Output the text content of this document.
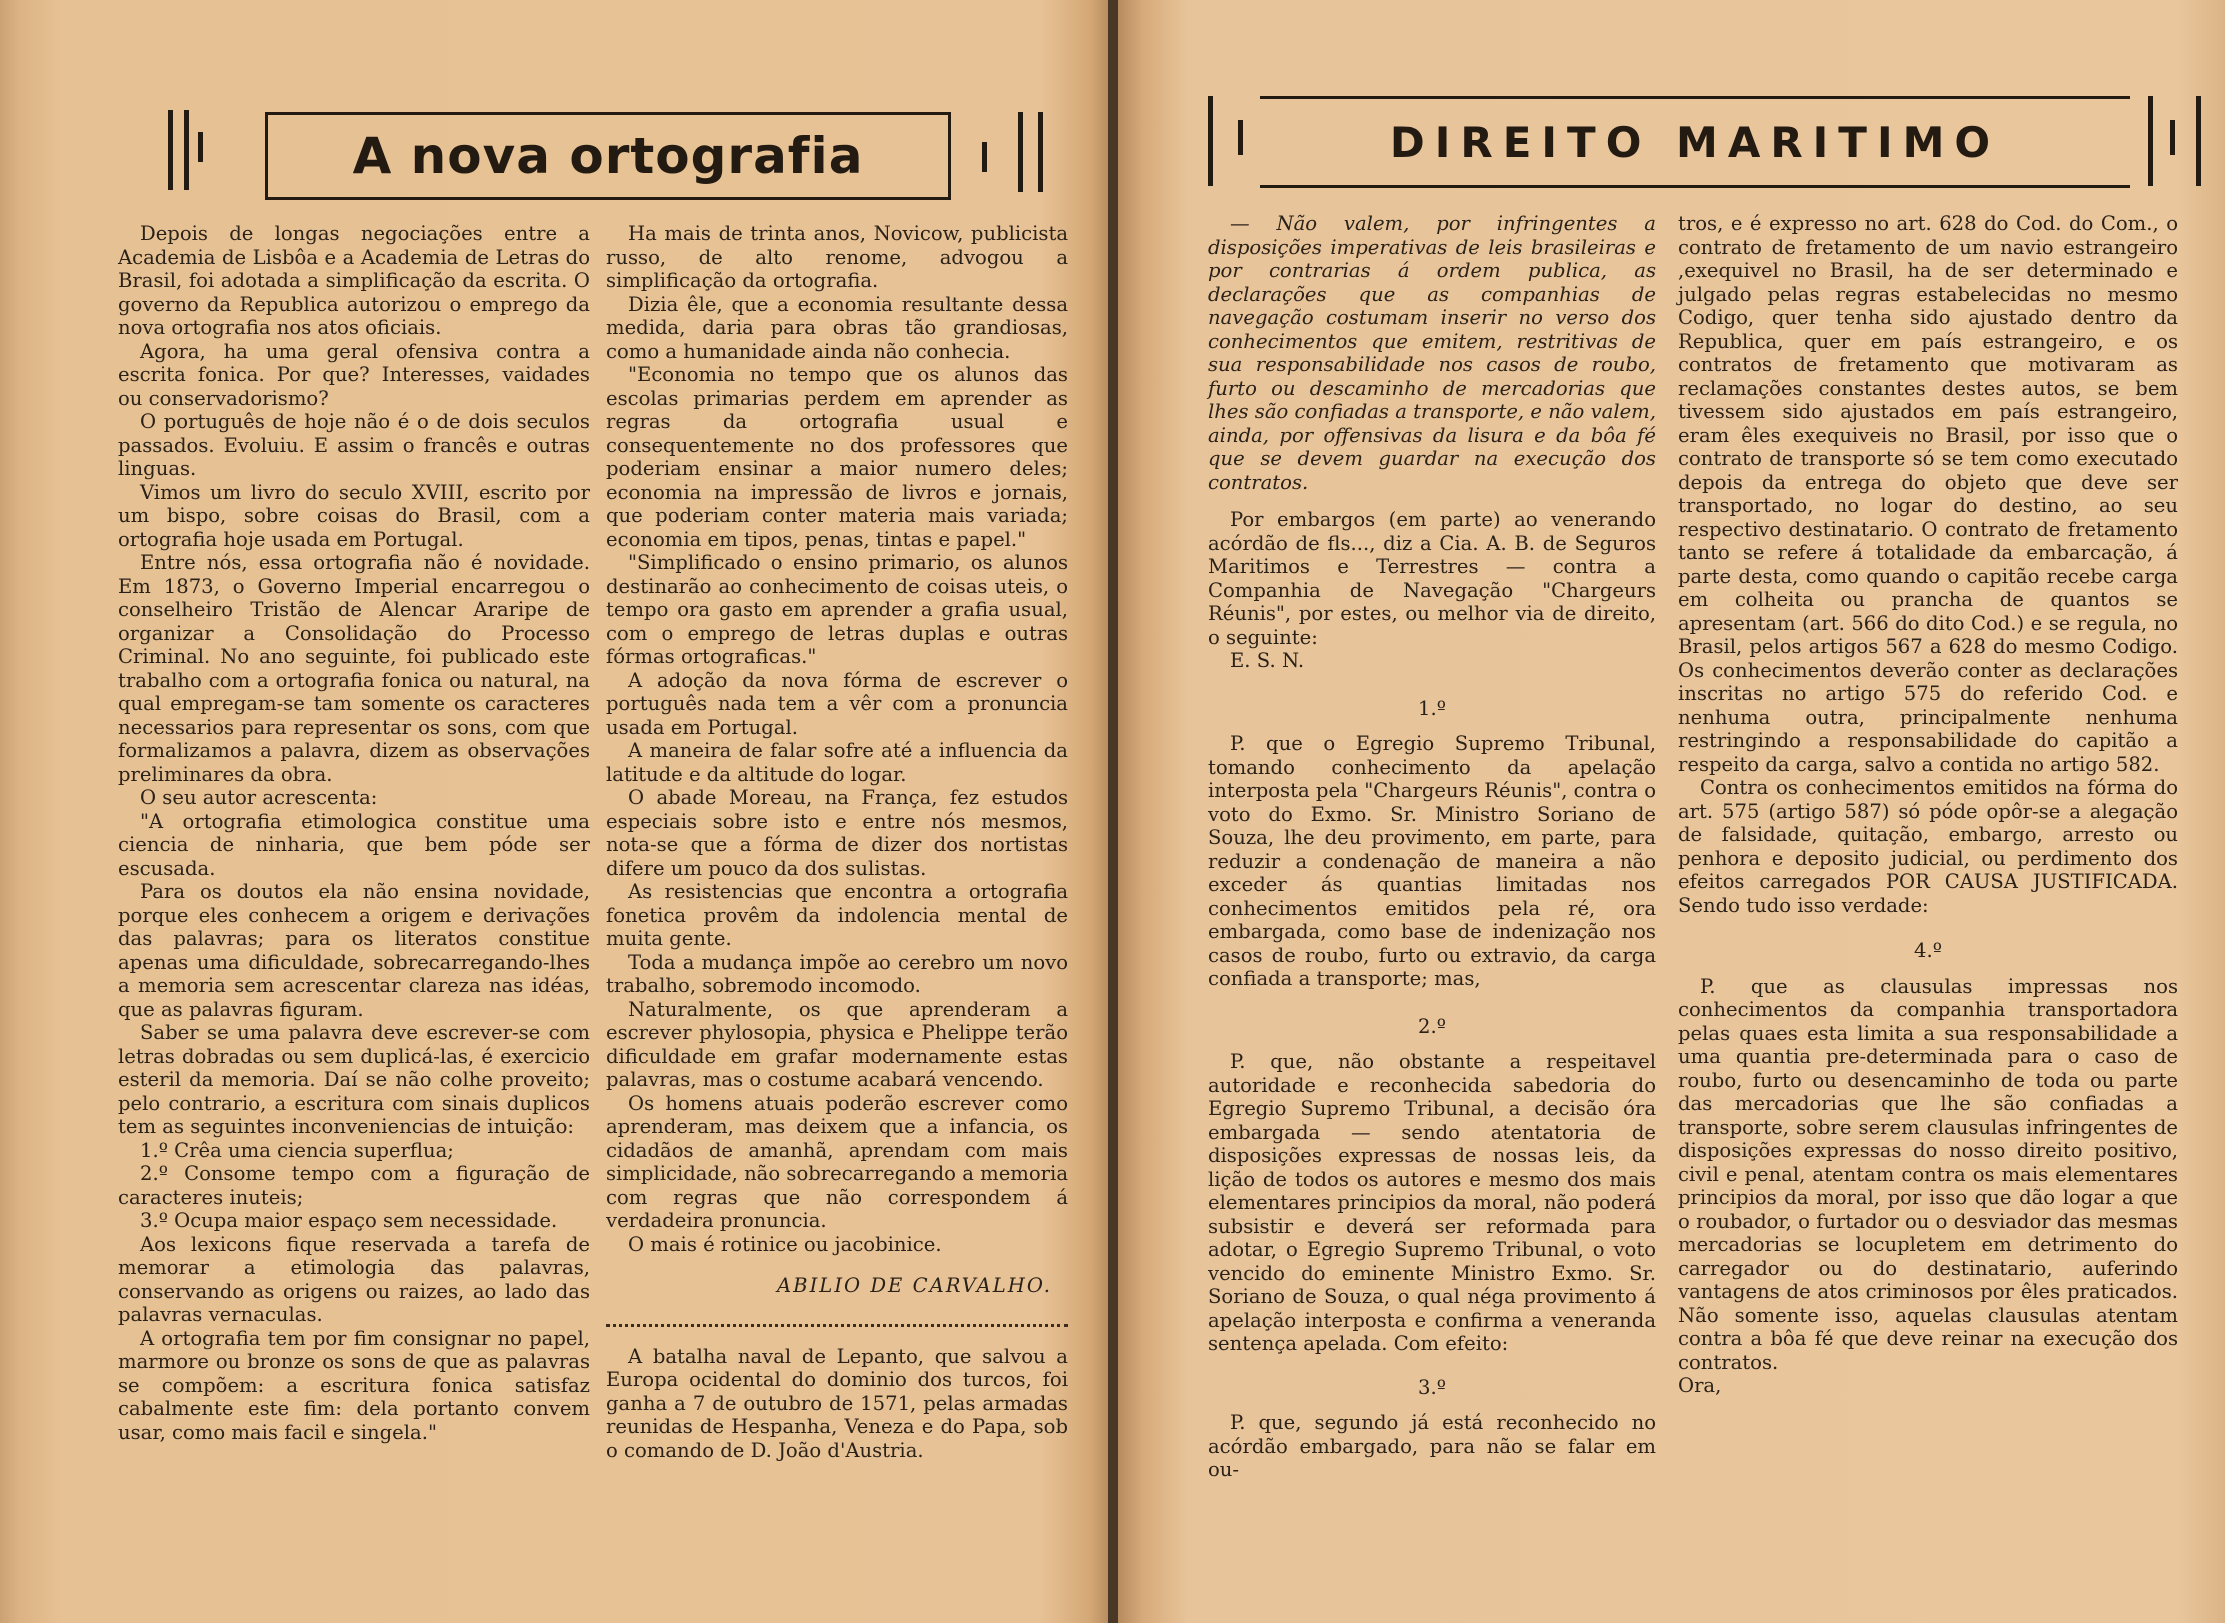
A nova ortografia

Depois de longas negociações entre a Academia de Lisbôa e a Academia de Letras do Brasil, foi adotada a simplificação da escrita. O governo da Republica autorizou o emprego da nova ortografia nos atos oficiais.

Agora, ha uma geral ofensiva contra a escrita fonica. Por que? Interesses, vaidades ou conservadorismo?

O português de hoje não é o de dois seculos passados. Evoluiu. E assim o francês e outras linguas.

Vimos um livro do seculo XVIII, escrito por um bispo, sobre coisas do Brasil, com a ortografia hoje usada em Portugal.

Entre nós, essa ortografia não é novidade. Em 1873, o Governo Imperial encarregou o conselheiro Tristão de Alencar Araripe de organizar a Consolidação do Processo Criminal. No ano seguinte, foi publicado este trabalho com a ortografia fonica ou natural, na qual empregam-se tam somente os caracteres necessarios para representar os sons, com que formalizamos a palavra, dizem as observações preliminares da obra.

O seu autor acrescenta:

"A ortografia etimologica constitue uma ciencia de ninharia, que bem póde ser escusada.

Para os doutos ela não ensina novidade, porque eles conhecem a origem e derivações das palavras; para os literatos constitue apenas uma dificuldade, sobrecarregando-lhes a memoria sem acrescentar clareza nas idéas, que as palavras figuram.

Saber se uma palavra deve escrever-se com letras dobradas ou sem duplicá-las, é exercicio esteril da memoria. Daí se não colhe proveito; pelo contrario, a escritura com sinais duplicos tem as seguintes inconveniencias de intuição:

1.º Crêa uma ciencia superflua;

2.º Consome tempo com a figuração de caracteres inuteis;

3.º Ocupa maior espaço sem necessidade.

Aos lexicons fique reservada a tarefa de memorar a etimologia das palavras, conservando as origens ou raizes, ao lado das palavras vernaculas.

A ortografia tem por fim consignar no papel, marmore ou bronze os sons de que as palavras se compõem: a escritura fonica satisfaz cabalmente este fim: dela portanto convem usar, como mais facil e singela."

Ha mais de trinta anos, Novicow, publicista russo, de alto renome, advogou a simplificação da ortografia.

Dizia êle, que a economia resultante dessa medida, daria para obras tão grandiosas, como a humanidade ainda não conhecia.

"Economia no tempo que os alunos das escolas primarias perdem em aprender as regras da ortografia usual e consequentemente no dos professores que poderiam ensinar a maior numero deles; economia na impressão de livros e jornais, que poderiam conter materia mais variada; economia em tipos, penas, tintas e papel."

"Simplificado o ensino primario, os alunos destinarão ao conhecimento de coisas uteis, o tempo ora gasto em aprender a grafia usual, com o emprego de letras duplas e outras fórmas ortograficas."

A adoção da nova fórma de escrever o português nada tem a vêr com a pronuncia usada em Portugal.

A maneira de falar sofre até a influencia da latitude e da altitude do logar.

O abade Moreau, na França, fez estudos especiais sobre isto e entre nós mesmos, nota-se que a fórma de dizer dos nortistas difere um pouco da dos sulistas.

As resistencias que encontra a ortografia fonetica provêm da indolencia mental de muita gente.

Toda a mudança impõe ao cerebro um novo trabalho, sobremodo incomodo.

Naturalmente, os que aprenderam a escrever phylosopia, physica e Phelippe terão dificuldade em grafar modernamente estas palavras, mas o costume acabará vencendo.

Os homens atuais poderão escrever como aprenderam, mas deixem que a infancia, os cidadãos de amanhã, aprendam com mais simplicidade, não sobrecarregando a memoria com regras que não correspondem á verdadeira pronuncia.

O mais é rotinice ou jacobinice.

ABILIO DE CARVALHO.

A batalha naval de Lepanto, que salvou a Europa ocidental do dominio dos turcos, foi ganha a 7 de outubro de 1571, pelas armadas reunidas de Hespanha, Veneza e do Papa, sob o comando de D. João d'Austria.

DIREITO MARITIMO

— Não valem, por infringentes a disposições imperativas de leis brasileiras e por contrarias á ordem publica, as declarações que as companhias de navegação costumam inserir no verso dos conhecimentos que emitem, restritivas de sua responsabilidade nos casos de roubo, furto ou descaminho de mercadorias que lhes são confiadas a transporte, e não valem, ainda, por offensivas da lisura e da bôa fé que se devem guardar na execução dos contratos.

Por embargos (em parte) ao venerando acórdão de fls..., diz a Cia. A. B. de Seguros Maritimos e Terrestres — contra a Companhia de Navegação "Chargeurs Réunis", por estes, ou melhor via de direito, o seguinte:

E. S. N.

1.º

P. que o Egregio Supremo Tribunal, tomando conhecimento da apelação interposta pela "Chargeurs Réunis", contra o voto do Exmo. Sr. Ministro Soriano de Souza, lhe deu provimento, em parte, para reduzir a condenação de maneira a não exceder ás quantias limitadas nos conhecimentos emitidos pela ré, ora embargada, como base de indenização nos casos de roubo, furto ou extravio, da carga confiada a transporte; mas,

2.º

P. que, não obstante a respeitavel autoridade e reconhecida sabedoria do Egregio Supremo Tribunal, a decisão óra embargada — sendo atentatoria de disposições expressas de nossas leis, da lição de todos os autores e mesmo dos mais elementares principios da moral, não poderá subsistir e deverá ser reformada para adotar, o Egregio Supremo Tribunal, o voto vencido do eminente Ministro Exmo. Sr. Soriano de Souza, o qual néga provimento á apelação interposta e confirma a veneranda sentença apelada. Com efeito:

3.º

P. que, segundo já está reconhecido no acórdão embargado, para não se falar em ou-

tros, e é expresso no art. 628 do Cod. do Com., o contrato de fretamento de um navio estrangeiro ,exequivel no Brasil, ha de ser determinado e julgado pelas regras estabelecidas no mesmo Codigo, quer tenha sido ajustado dentro da Republica, quer em país estrangeiro, e os contratos de fretamento que motivaram as reclamações constantes destes autos, se bem tivessem sido ajustados em país estrangeiro, eram êles exequiveis no Brasil, por isso que o contrato de transporte só se tem como executado depois da entrega do objeto que deve ser transportado, no logar do destino, ao seu respectivo destinatario. O contrato de fretamento tanto se refere á totalidade da embarcação, á parte desta, como quando o capitão recebe carga em colheita ou prancha de quantos se apresentam (art. 566 do dito Cod.) e se regula, no Brasil, pelos artigos 567 a 628 do mesmo Codigo. Os conhecimentos deverão conter as declarações inscritas no artigo 575 do referido Cod. e nenhuma outra, principalmente nenhuma restringindo a responsabilidade do capitão a respeito da carga, salvo a contida no artigo 582.

Contra os conhecimentos emitidos na fórma do art. 575 (artigo 587) só póde opôr-se a alegação de falsidade, quitação, embargo, arresto ou penhora e deposito judicial, ou perdimento dos efeitos carregados POR CAUSA JUSTIFICADA. Sendo tudo isso verdade:

4.º

P. que as clausulas impressas nos conhecimentos da companhia transportadora pelas quaes esta limita a sua responsabilidade a uma quantia pre-determinada para o caso de roubo, furto ou desencaminho de toda ou parte das mercadorias que lhe são confiadas a transporte, sobre serem clausulas infringentes de disposições expressas do nosso direito positivo, civil e penal, atentam contra os mais elementares principios da moral, por isso que dão logar a que o roubador, o furtador ou o desviador das mesmas mercadorias se locupletem em detrimento do carregador ou do destinatario, auferindo vantagens de atos criminosos por êles praticados. Não somente isso, aquelas clausulas atentam contra a bôa fé que deve reinar na execução dos contratos.

Ora,
